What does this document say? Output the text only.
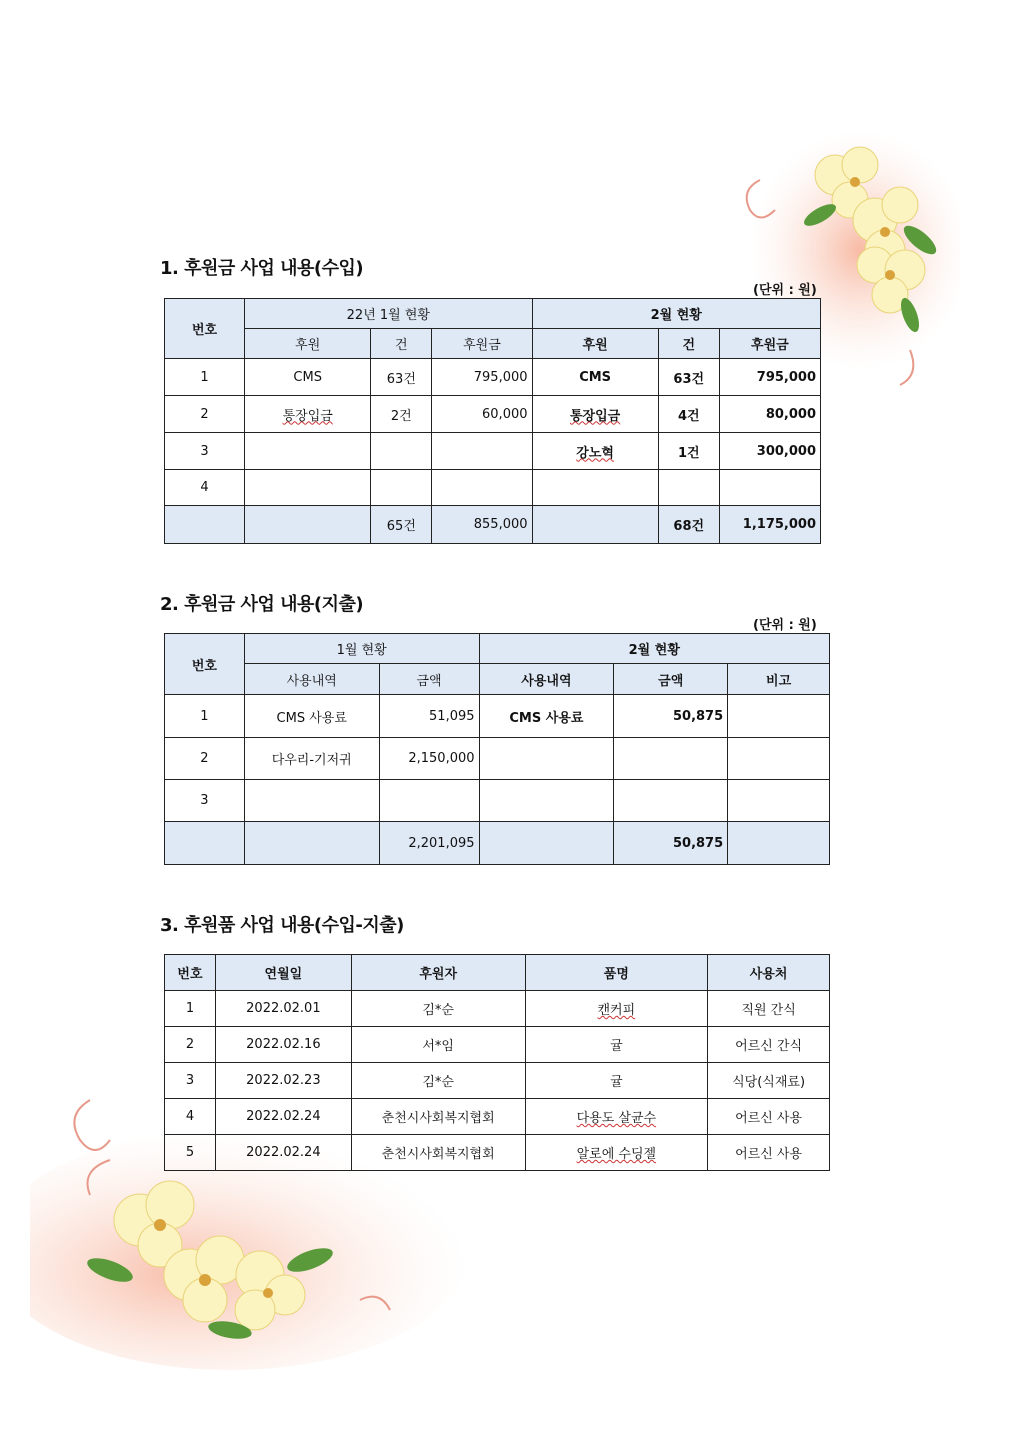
1. 후원금 사업 내용(수입)
(단위 : 원)
번호	22년 1월 현황			2월 현황		
	후원	건	후원금	후원	건	후원금
1	CMS	63건	795,000	CMS	63건	795,000
2	통장입금	2건	60,000	통장입금	4건	80,000
3				강노혁	1건	300,000
4						
		65건	855,000		68건	1,175,000
2. 후원금 사업 내용(지출)
(단위 : 원)
번호	1월 현황		2월 현황		
	사용내역	금액	사용내역	금액	비고
1	CMS 사용료	51,095	CMS 사용료	50,875	
2	다우리-기저귀	2,150,000			
3					
		2,201,095		50,875	
3. 후원품 사업 내용(수입-지출)
번호	연월일	후원자	품명	사용처
1	2022.02.01	김*순	캔커피	직원 간식
2	2022.02.16	서*임	귤	어르신 간식
3	2022.02.23	김*순	귤	식당(식재료)
4	2022.02.24	춘천시사회복지협회	다용도 살균수	어르신 사용
5	2022.02.24	춘천시사회복지협회	알로에 수딩젤	어르신 사용
